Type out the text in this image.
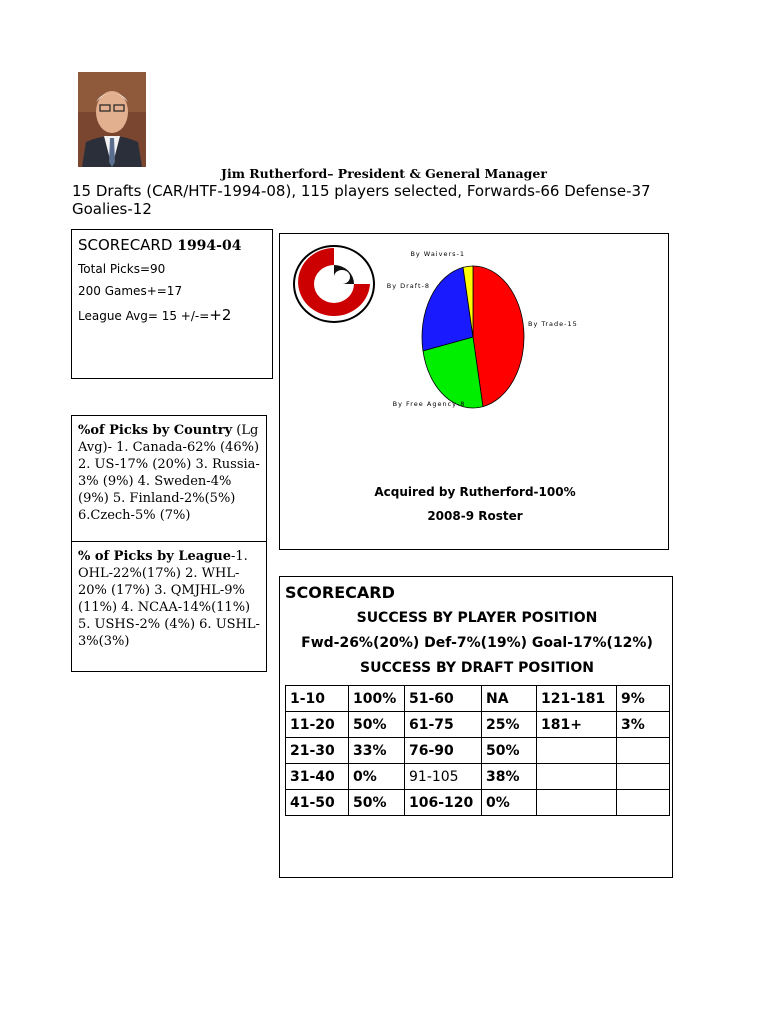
Jim Rutherford– President & General Manager
15 Drafts (CAR/HTF-1994-08), 115 players selected, Forwards-66 Defense-37 Goalies-12
SCORECARD 1994-04
Total Picks=90
200 Games+=17
League Avg= 15 +/-=+2	By Trade-15
By Free Agency-8
By Draft-8
By Waivers-1
Acquired by Rutherford-100%
2008-9 Roster
%of Picks by Country (Lg Avg)- 1. Canada-62% (46%) 2. US-17% (20%) 3. Russia-3% (9%) 4. Sweden-4%(9%) 5. Finland-2%(5%) 6.Czech-5% (7%)
% of Picks by League-1. OHL-22%(17%) 2. WHL-20% (17%) 3. QMJHL-9% (11%) 4. NCAA-14%(11%) 5. USHS-2% (4%) 6. USHL-3%(3%)
SCORECARD
SUCCESS BY PLAYER POSITION
Fwd-26%(20%) Def-7%(19%) Goal-17%(12%)
SUCCESS BY DRAFT POSITION
1-10	100%	51-60	NA	121-181	9%
11-20	50%	61-75	25%	181+	3%
21-30	33%	76-90	50%		
31-40	0%	91-105	38%		
41-50	50%	106-120	0%		
